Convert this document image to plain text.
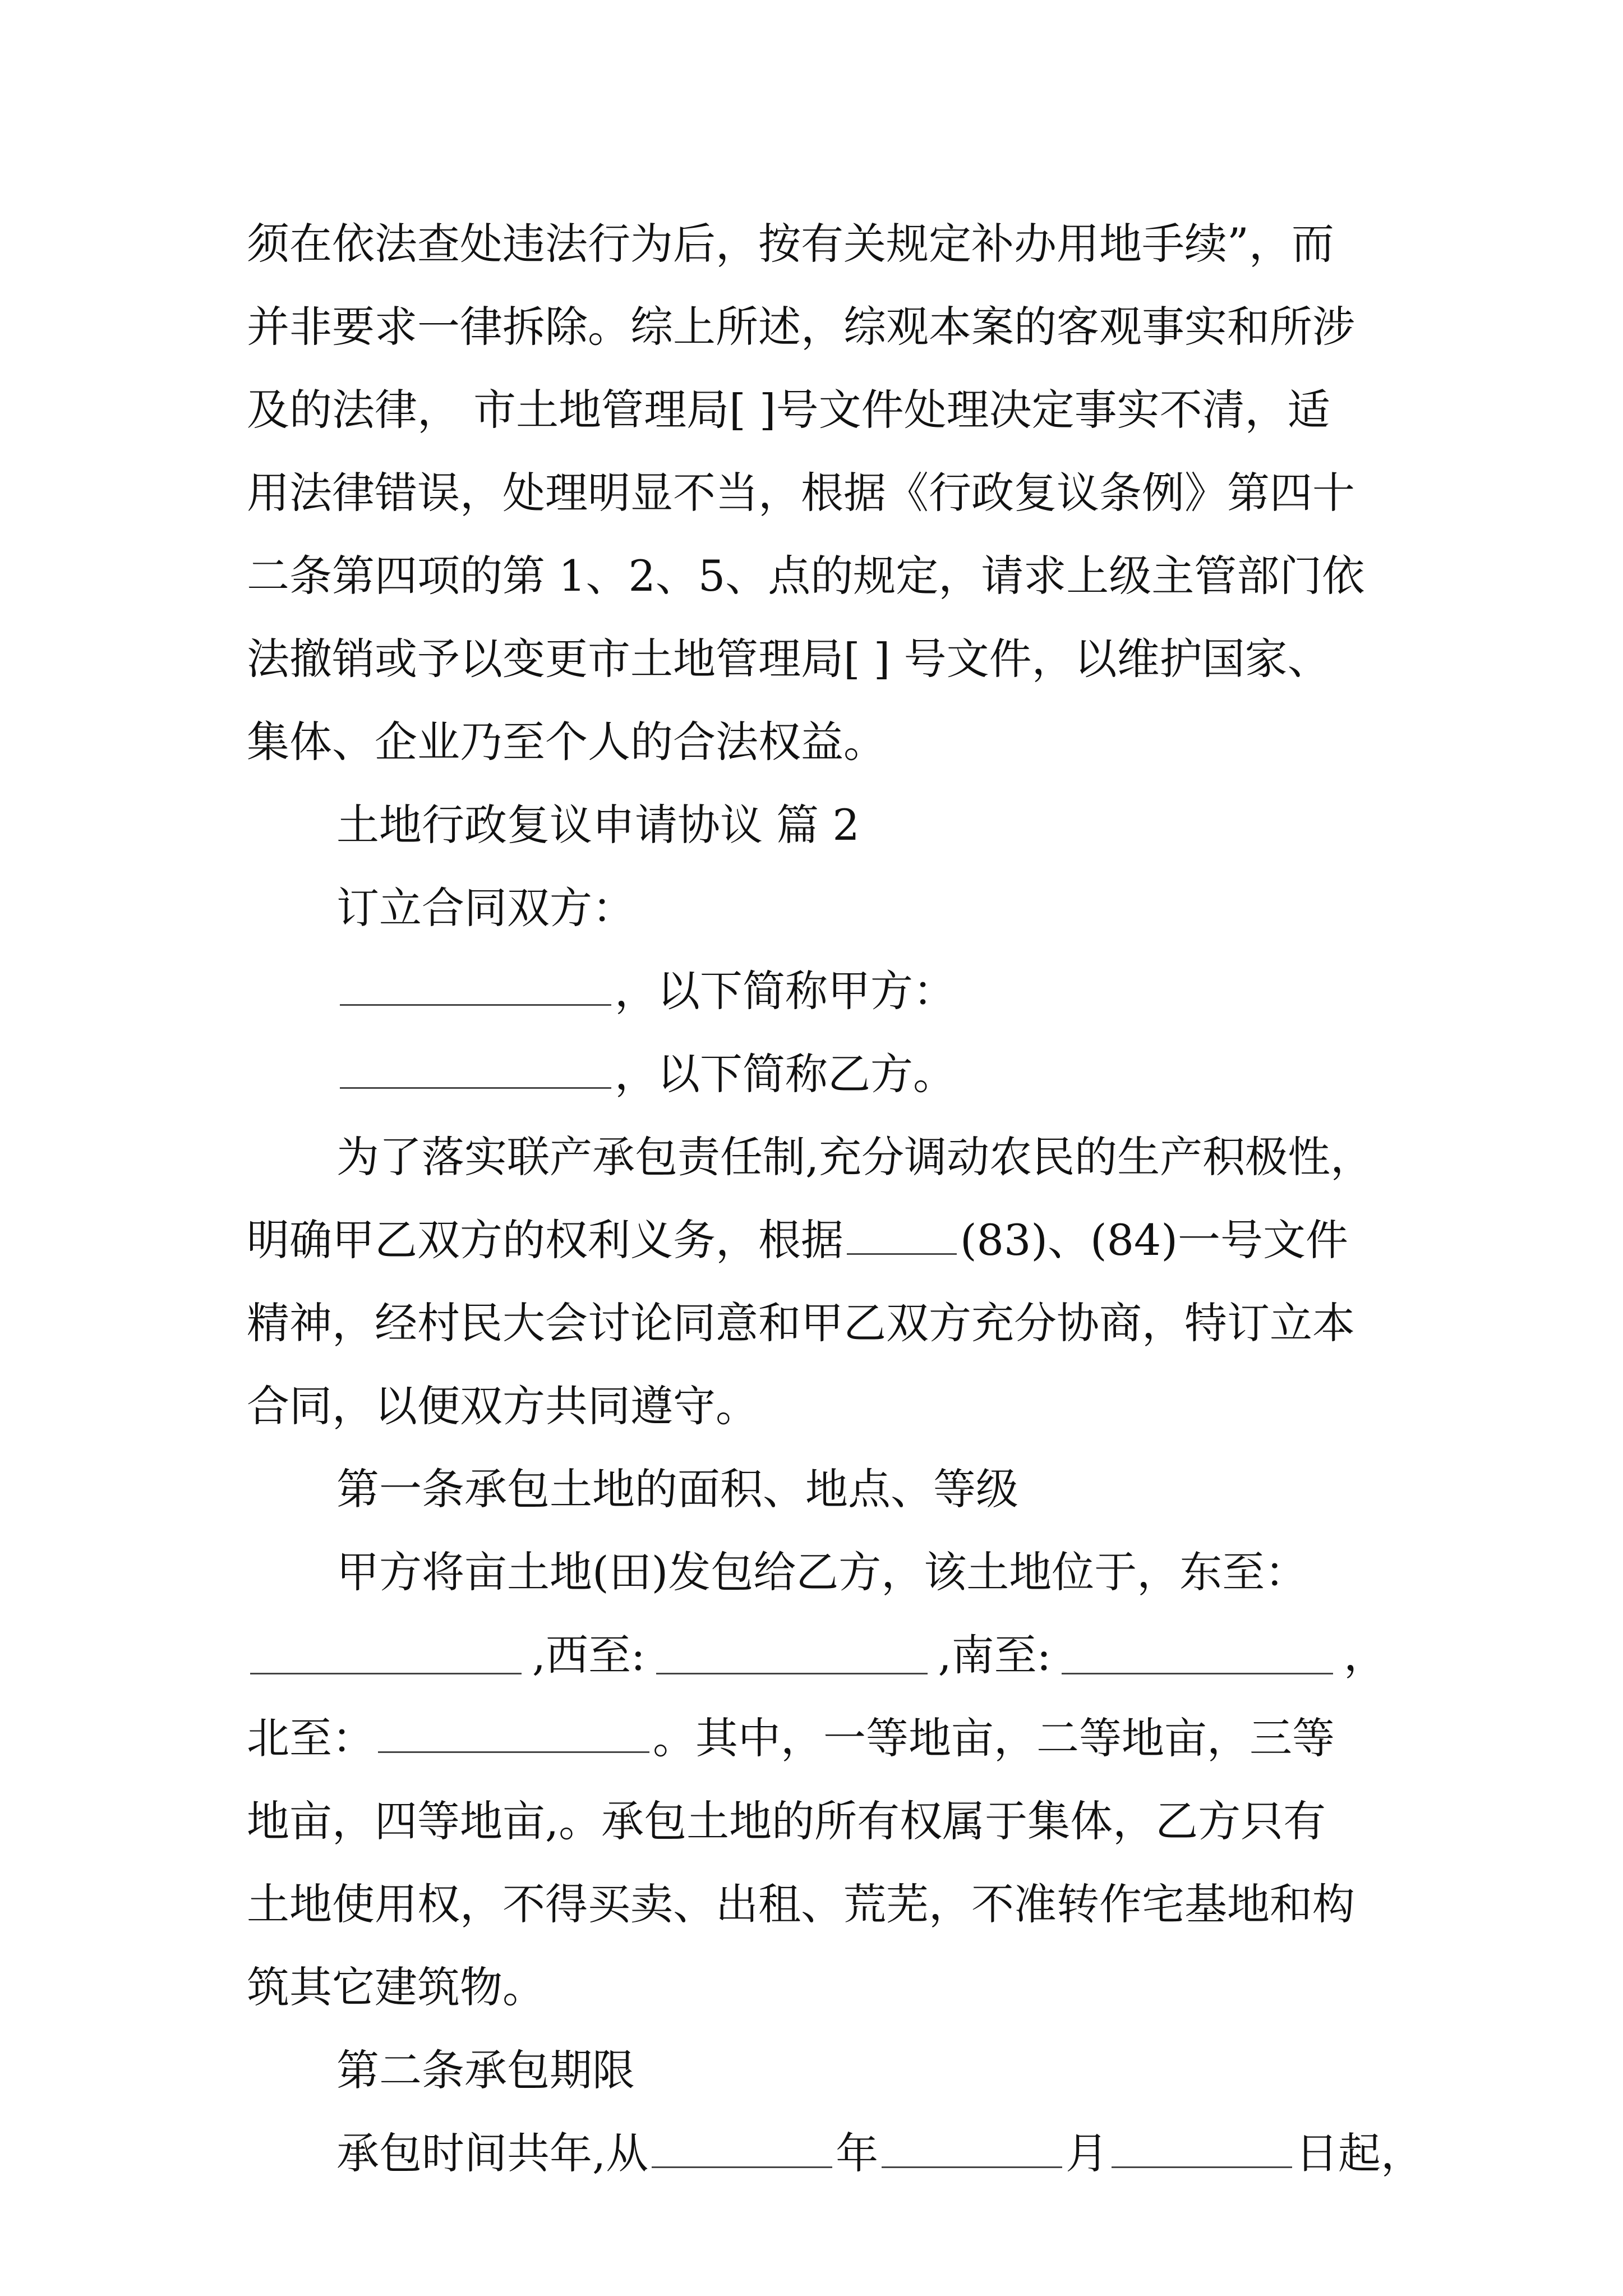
须在依法查处违法行为后，按有关规定补办用地手续”，而
并非要求一律拆除。综上所述，综观本案的客观事实和所涉
及的法律， 市土地管理局[ ]号文件处理决定事实不清，适
用法律错误，处理明显不当，根据《行政复议条例》第四十
二条第四项的第 1、2、5、点的规定，请求上级主管部门依
法撤销或予以变更市土地管理局[ ] 号文件，以维护国家、
集体、企业乃至个人的合法权益。
土地行政复议申请协议 篇 2
订立合同双方：
，以下简称甲方：
，以下简称乙方。
为了落实联产承包责任制,充分调动农民的生产积极性，
明确甲乙双方的权利义务，根据	(83)、(84)一号文件
精神，经村民大会讨论同意和甲乙双方充分协商，特订立本
合同，以便双方共同遵守。
第一条承包土地的面积、地点、等级
甲方将亩土地(田)发包给乙方，该土地位于，东至：
,西至:	,南至:	，
北至：	。其中，一等地亩，二等地亩，三等
地亩，四等地亩,。承包土地的所有权属于集体，乙方只有
土地使用权，不得买卖、出租、荒芜，不准转作宅基地和构
筑其它建筑物。
第二条承包期限
承包时间共年,从	年	月	日起，
